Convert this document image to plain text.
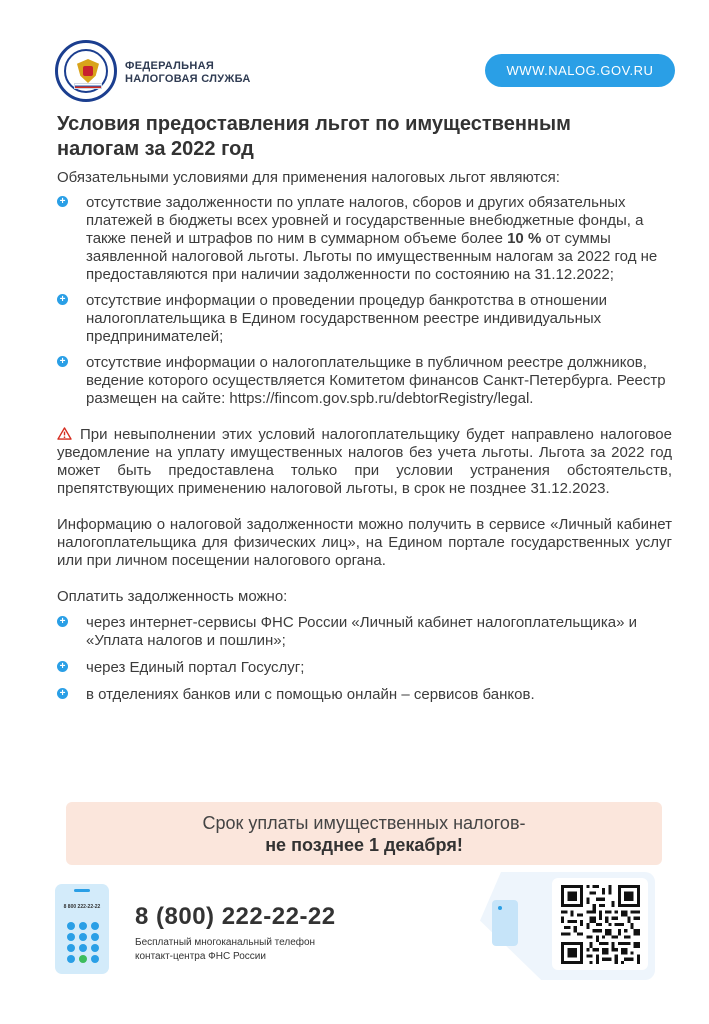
ФЕДЕРАЛЬНАЯ
НАЛОГОВАЯ СЛУЖБА
WWW.NALOG.GOV.RU
Условия предоставления льгот по имущественным налогам за 2022 год

Обязательными условиями для применения налоговых льгот являются:

+ отсутствие задолженности по уплате налогов, сборов и других обязательных платежей в бюджеты всех уровней и государственные внебюджетные фонды, а также пеней и штрафов по ним в суммарном объеме более 10 % от суммы заявленной налоговой льготы. Льготы по имущественным налогам за 2022 год не предоставляются при наличии задолженности по состоянию на 31.12.2022;
+ отсутствие информации о проведении процедур банкротства в отношении налогоплательщика в Едином государственном реестре индивидуальных предпринимателей;
+ отсутствие информации о налогоплательщике в публичном реестре должников, ведение которого осуществляется Комитетом финансов Санкт-Петербурга. Реестр размещен на сайте: https://fincom.gov.spb.ru/debtorRegistry/legal.

При невыполнении этих условий налогоплательщику будет направлено налоговое уведомление на уплату имущественных налогов без учета льготы. Льгота за 2022 год может быть предоставлена только при условии устранения обстоятельств, препятствующих применению налоговой льготы, в срок не позднее 31.12.2023.

Информацию о налоговой задолженности можно получить в сервисе «Личный кабинет налогоплательщика для физических лиц», на Едином портале государственных услуг или при личном посещении налогового органа.

Оплатить задолженность можно:

+ через интернет-сервисы ФНС России «Личный кабинет налогоплательщика» и «Уплата налогов и пошлин»;
+ через Единый портал Госуслуг;
+ в отделениях банков или с помощью онлайн – сервисов банков.
Срок уплаты имущественных налогов-
не позднее 1 декабря!
8 800 222-22-22	8 (800) 222-22-22
Бесплатный многоканальный телефон
контакт-центра ФНС России
